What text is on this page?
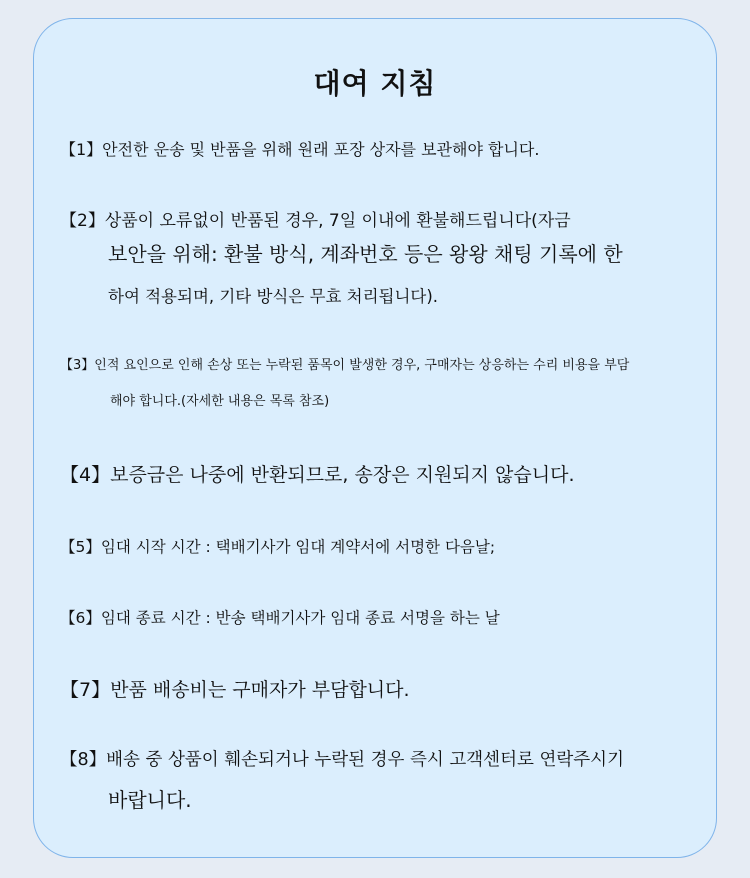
대여 지침
【1】안전한 운송 및 반품을 위해 원래 포장 상자를 보관해야 합니다.
【2】상품이 오류없이 반품된 경우, 7일 이내에 환불해드립니다(자금
보안을 위해: 환불 방식, 계좌번호 등은 왕왕 채팅 기록에 한
하여 적용되며, 기타 방식은 무효 처리됩니다).
【3】인적 요인으로 인해 손상 또는 누락된 품목이 발생한 경우, 구매자는 상응하는 수리 비용을 부담
해야 합니다.(자세한 내용은 목록 참조)
【4】보증금은 나중에 반환되므로, 송장은 지원되지 않습니다.
【5】임대 시작 시간 : 택배기사가 임대 계약서에 서명한 다음날;
【6】임대 종료 시간 : 반송 택배기사가 임대 종료 서명을 하는 날
【7】반품 배송비는 구매자가 부담합니다.
【8】배송 중 상품이 훼손되거나 누락된 경우 즉시 고객센터로 연락주시기
바랍니다.
